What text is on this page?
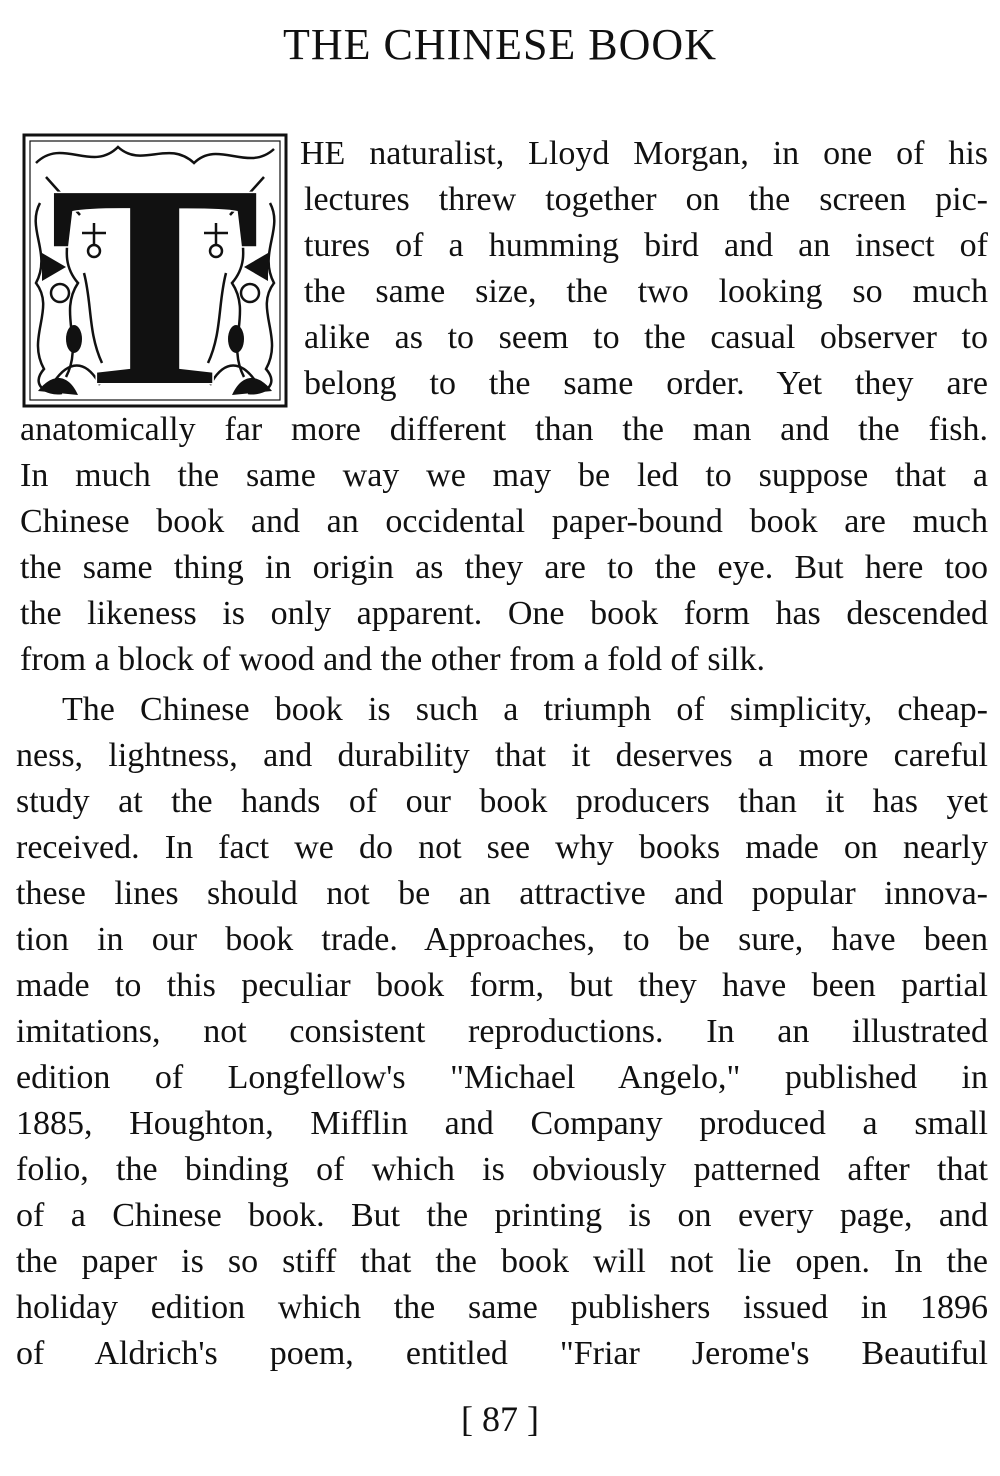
THE CHINESE BOOK
T HE naturalist, Lloyd Morgan, in one of his
lectures threw together on the screen pic-
tures of a humming bird and an insect of
the same size, the two looking so much
alike as to seem to the casual observer to
belong to the same order. Yet they are
anatomically far more different than the man and the fish.
In much the same way we may be led to suppose that a
Chinese book and an occidental paper-bound book are much
the same thing in origin as they are to the eye. But here too
the likeness is only apparent. One book form has descended
from a block of wood and the other from a fold of silk.
The Chinese book is such a triumph of simplicity, cheap-
ness, lightness, and durability that it deserves a more careful
study at the hands of our book producers than it has yet
received. In fact we do not see why books made on nearly
these lines should not be an attractive and popular innova-
tion in our book trade. Approaches, to be sure, have been
made to this peculiar book form, but they have been partial
imitations, not consistent reproductions. In an illustrated
edition of Longfellow's "Michael Angelo," published in
1885, Houghton, Mifflin and Company produced a small
folio, the binding of which is obviously patterned after that
of a Chinese book. But the printing is on every page, and
the paper is so stiff that the book will not lie open. In the
holiday edition which the same publishers issued in 1896
of Aldrich's poem, entitled "Friar Jerome's Beautiful
[ 87 ]
